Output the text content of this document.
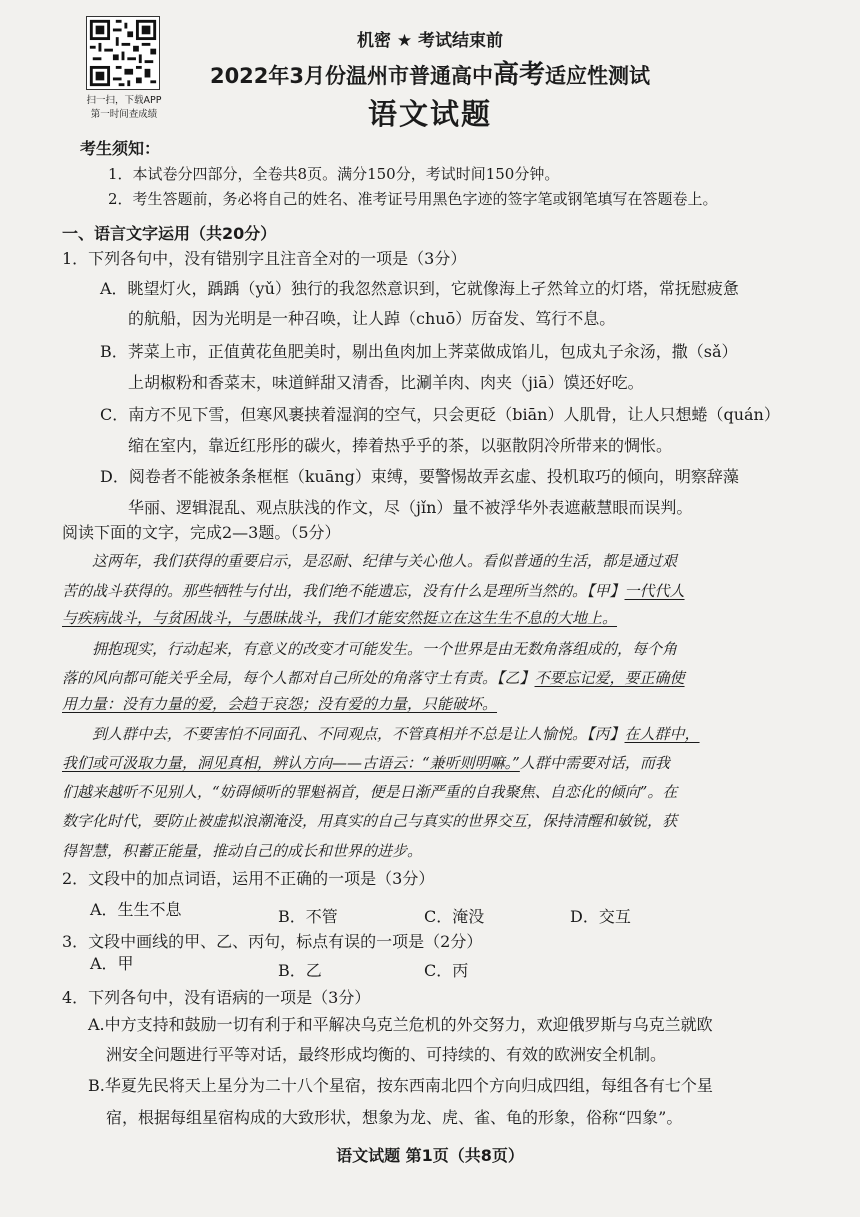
扫一扫，下载APP
第一时间查成绩
机密 ★ 考试结束前
2022年3月份温州市普通高中高考适应性测试
语文试题
考生须知：
1．本试卷分四部分，全卷共8页。满分150分，考试时间150分钟。
2．考生答题前，务必将自己的姓名、准考证号用黑色字迹的签字笔或钢笔填写在答题卷上。
一、语言文字运用（共20分）
1．下列各句中，没有错别字且注音全对的一项是（3分）
A．眺望灯火，踽踽（yǔ）独行的我忽然意识到，它就像海上孑然耸立的灯塔，常抚慰疲惫
的航船，因为光明是一种召唤，让人踔（chuō）厉奋发、笃行不息。
B．荠菜上市，正值黄花鱼肥美时，剔出鱼肉加上荠菜做成馅儿，包成丸子汆汤，撒（sǎ）
上胡椒粉和香菜末，味道鲜甜又清香，比涮羊肉、肉夹（jiā）馍还好吃。
C．南方不见下雪，但寒风裹挟着湿润的空气，只会更砭（biān）人肌骨，让人只想蜷（quán）
缩在室内，靠近红彤彤的碳火，捧着热乎乎的茶，以驱散阴冷所带来的惆怅。
D．阅卷者不能被条条框框（kuāng）束缚，要警惕故弄玄虚、投机取巧的倾向，明察辞藻
华丽、逻辑混乱、观点肤浅的作文，尽（jǐn）量不被浮华外表遮蔽慧眼而误判。
阅读下面的文字，完成2—3题。（5分）
这两年，我们获得的重要启示，是忍耐、纪律与关心他人。看似普通的生活，都是通过艰
苦的战斗获得的。那些牺牲与付出，我们绝不能遗忘，没有什么是理所当然的。【甲】一代代人
与疾病战斗，与贫困战斗，与愚昧战斗，我们才能安然挺立在这生生不息的大地上。
拥抱现实，行动起来，有意义的改变才可能发生。一个世界是由无数角落组成的，每个角
落的风向都可能关乎全局，每个人都对自己所处的角落守土有责。【乙】不要忘记爱，要正确使
用力量：没有力量的爱，会趋于哀怨；没有爱的力量，只能破坏。
到人群中去，不要害怕不同面孔、不同观点，不管真相并不总是让人愉悦。【丙】在人群中，
我们或可汲取力量，洞见真相，辨认方向——古语云：“兼听则明嘛。”人群中需要对话，而我
们越来越听不见别人，“妨碍倾听的罪魁祸首，便是日渐严重的自我聚焦、自恋化的倾向”。在
数字化时代，要防止被虚拟浪潮淹没，用真实的自己与真实的世界交互，保持清醒和敏锐，获
得智慧，积蓄正能量，推动自己的成长和世界的进步。
2．文段中的加点词语，运用不正确的一项是（3分）
A．生生不息	B．不管	C．淹没	D．交互
3．文段中画线的甲、乙、丙句，标点有误的一项是（2分）
A．甲	B．乙	C．丙
4．下列各句中，没有语病的一项是（3分）
A.中方支持和鼓励一切有利于和平解决乌克兰危机的外交努力，欢迎俄罗斯与乌克兰就欧
洲安全问题进行平等对话，最终形成均衡的、可持续的、有效的欧洲安全机制。
B.华夏先民将天上星分为二十八个星宿，按东西南北四个方向归成四组，每组各有七个星
宿，根据每组星宿构成的大致形状，想象为龙、虎、雀、龟的形象，俗称“四象”。
语文试题 第1页（共8页）
